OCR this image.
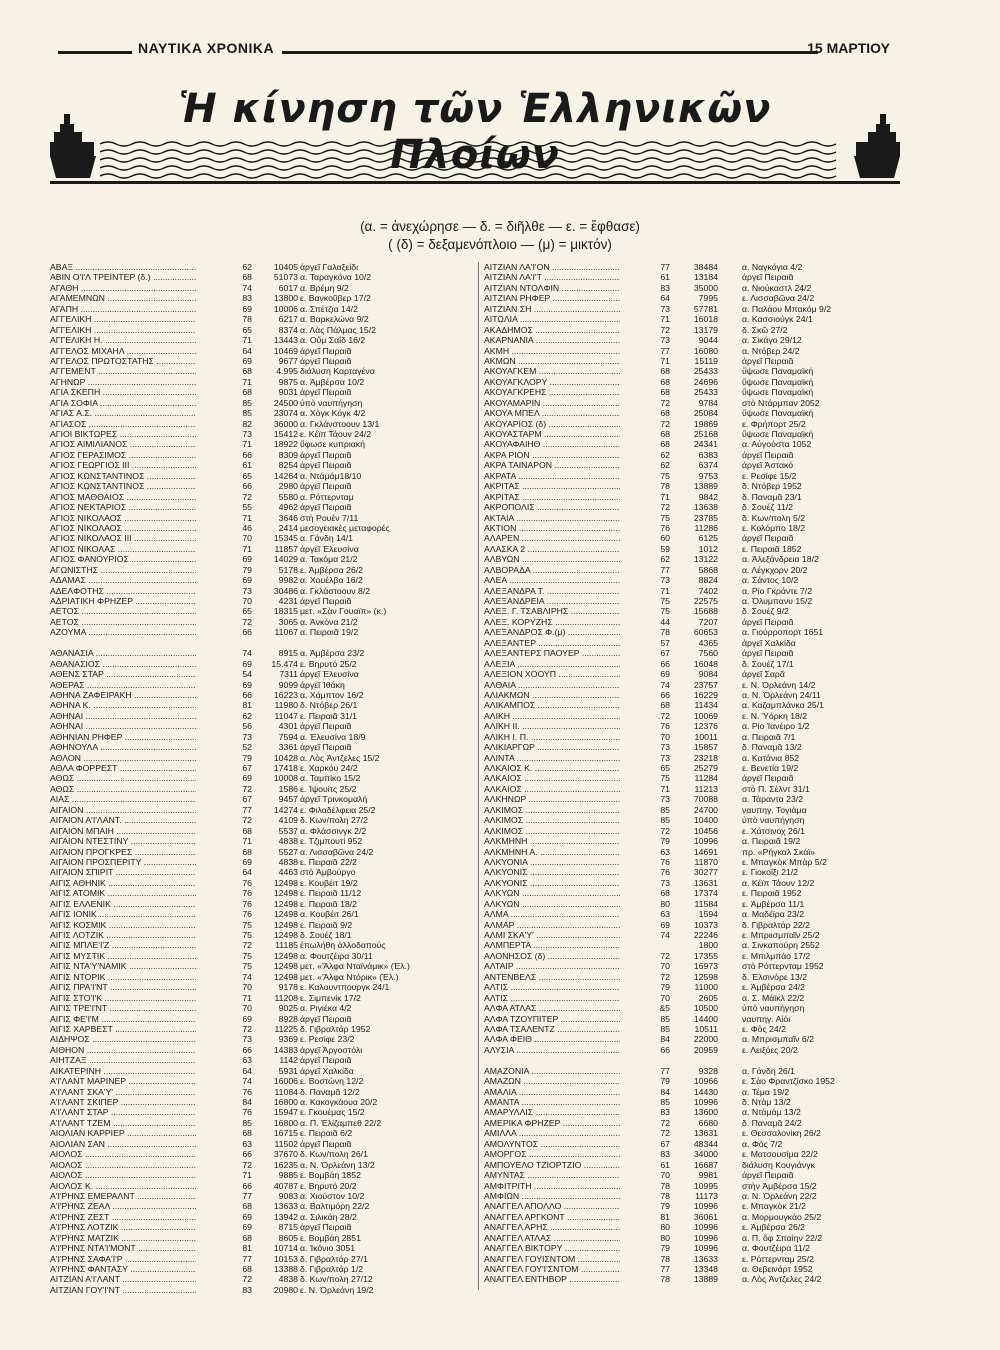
ΝΑΥΤΙΚΑ ΧΡΟΝΙΚΑ	15 ΜΑΡΤΙΟΥ
Ἡ κίνηση τῶν Ἑλληνικῶν Πλοίων
(α. = ἀνεχώρησε — δ. = διῆλθε — ε. = ἔφθασε)
( (δ) = δεξαμενόπλοιο — (μ) = μικτόν)
ΑΒΑΞ .....	62	10405 ἀργεῖ Γαλαξείδι
ΑΒΙΝ Ο'Ι'Λ ΤΡΕΙΝΤΕΡ (δ.) .....	68	51073 α. Ταραγκόνα 10/2
ΑΓΑΘΗ .....	74	6017 α. Βρέμη 9/2
ΑΓΑΜΕΜΝΩΝ .....	83	13800 ε. Βανκοῦβερ 17/2
ΑΓΑΠΗ .....	69	10006 α. Σπέτζια 14/2
ΑΓΓΕΛΙΚΗ .....	78	6217 α. Βαρκελώνα 9/2
ΑΓΓΕΛΙΚΗ .....	65	8374 α. Λὰς Πάλμας 15/2
ΑΓΓΕΛΙΚΗ Η. .....	71	13443 α. Οὔμ Σαΐδ 16/2
ΑΓΓΕΛΟΣ ΜΙΧΑΗΛ .....	64	10469 ἀργεῖ Πειραιᾶ
ΑΓΓΕΛΟΣ ΠΡΩΤΟΣΤΑΤΗΣ .....	69	9677 ἀργεῖ Πειραιᾶ
ΑΓΓΕΜΕΝΤ .....	68	4.995 διάλυση Καρταγένα
ΑΓΗΝΩΡ .....	71	9875 α. Ἀμβέρσα 10/2
ΑΓΙΑ ΣΚΕΠΗ .....	68	9031 ἀργεῖ Πειραιᾶ
ΑΓΙΑ ΣΟΦΙΑ .....	85	24500 ὑπὸ ναυπήγηση
ΑΓΙΑΣ Α.Σ. .....	85	23074 α. Χὸγκ Κόγκ 4/2
ΑΓΙΑΣΟΣ .....	82	36000 α. Γκλάνστοουν 13/1
ΑΓΙΟΙ ΒΙΚΤΩΡΕΣ .....	73	15412 ε. Κέϊπ Τάουν 24/2
ΑΓΙΟΣ ΑΙΜΙΛΙΑΝΟΣ .....	71	18922 ὕφωσε κυπριακή
ΑΓΙΟΣ ΓΕΡΑΣΙΜΟΣ .....	66	8309 ἀργεῖ Πειραιᾶ
ΑΓΙΟΣ ΓΕΩΡΓΙΟΣ III .....	61	8254 ἀργεῖ Πειραιᾶ
ΑΓΙΟΣ ΚΩΝΣΤΑΝΤΙΝΟΣ .....	65	14264 α. Ντάμάμ18/10
ΑΓΙΟΣ ΚΩΝΣΤΑΝΤΙΝΟΣ .....	66	2980 ἀργεῖ Πειραιᾶ
ΑΓΙΟΣ ΜΑΘΘΑΙΟΣ .....	72	5580 α. Ρόττερνταμ
ΑΓΙΟΣ ΝΕΚΤΑΡΙΟΣ .....	55	4962 ἀργεῖ Πειραιᾶ
ΑΓΙΟΣ ΝΙΚΟΛΑΟΣ .....	71	3646 στὴ Ρουέν 7/11
ΑΓΙΟΣ ΝΙΚΟΛΑΟΣ .....	46	2414 μεσογειακὲς μεταφορές
ΑΓΙΟΣ ΝΙΚΟΛΑΟΣ III .....	70	15345 α. Γάνδη 14/1
ΑΓΙΟΣ ΝΙΚΟΛΑΣ .....	71	11857 ἀργεῖ Ἐλευσίνα
ΑΓΙΟΣ ΦΑΝΟΥΡΙΟΣ .....	69	14029 α. Τακόμα 21/2
ΑΓΩΝΙΣΤΗΣ .....	79	5178 ε. Ἀμβέρσα 26/2
ΑΔΑΜΑΣ .....	69	9982 α. Χουέλβα 16/2
ΑΔΕΛΦΟΤΗΣ .....	73	30486 α. Γκλάστοουν 8/2
ΑΔΡΙΑΤΙΚΗ ΦΡΗΖΕΡ .....	70	4231 ἀργεῖ Πειραιᾶ
ΑΕΤΟΣ .....	65	18315 μετ. «Σὰν Γουαϊπ» (κ.)
ΑΕΤΟΣ .....	72	3065 α. Ἀνκόνα 21/2
ΑΖΟΥΜΑ .....	66	11067 α. Πειραιᾶ 19/2
ΑΘΑΝΑΣΙΑ .....	74	8915 α. Ἀμβέρσα 23/2
ΑΘΑΝΑΣΙΟΣ .....	69	15.474 ε. Βηρυτό 25/2
ΑΘΕΝΣ ΣΤΑΡ .....	54	7311 ἀργεῖ Ἐλευσίνα
ΑΘΕΡΑΣ .....	69	9099 ἀργεῖ Ἰθάκη
ΑΘΗΝΑ ΖΑΦΕΙΡΑΚΗ .....	66	16223 α. Χάμπτον 16/2
ΑΘΗΝΑ Κ. .....	81	11980 δ. Ντόβερ 26/1
ΑΘΗΝΑΙ .....	62	11047 ε. Πειραιᾶ 31/1
ΑΘΗΝΑΙ .....	56	4301 ἀργεῖ Πειραιᾶ
ΑΘΗΝΙΑΝ ΡΗΦΕΡ .....	73	7594 α. Ἐλευσίνα 18/9
ΑΘΗΝΟΥΛΑ .....	52	3361 ἀργεῖ Πειραιᾶ
ΑΘΛΟΝ .....	79	10428 α. Λὸς Ἀντζελες 15/2
ΑΘΛΑ ΦΟΡΡΕΣΤ .....	67	17418 ε. Χαρκόυ 24/2
ΑΘΩΣ .....	69	10008 α. Ταμπίκο 15/2
ΑΘΩΣ .....	72	1586 ε. Ἰψουίτς 25/2
ΑΙΑΣ .....	67	9457 ἀργεῖ Τρινκομαλή
ΑΙΓΑΙΟΝ .....	77	14274 ε. Φιλαδέλφεια 25/2
ΑΙΓΑΙΟΝ Α'Ι'ΛΑΝΤ. .....	72	4109 δ. Κων/πολη 27/2
ΑΙΓΑΙΟΝ ΜΠΑΙΗ .....	68	5537 α. Φλάσσινγκ 2/2
ΑΙΓΑΙΟΝ ΝΤΕΣΤΙΝΥ .....	71	4838 ε. Τζιμπουτί 952
ΑΙΓΑΙΟΝ ΠΡΟΓΚΡΕΣ .....	68	5527 α. Λισσαβῶνα 24/2
ΑΙΓΑΙΟΝ ΠΡΟΣΠΕΡΙΤΥ .....	69	4838 ε. Πειραιᾶ 22/2
ΑΙΓΑΙΟΝ ΣΠΙΡΙΤ .....	64	4463 στὸ Ἀμβούργο
ΑΙΓΙΣ ΑΘΗΝΙΚ .....	76	12498 ε. Κουβέιτ 19/2
ΑΙΓΙΣ ΑΤΟΜΙΚ .....	76	12498 ε. Πειραιᾶ 11/12
ΑΙΓΙΣ ΕΛΛΕΝΙΚ .....	76	12498 ε. Πειραιᾶ 18/2
ΑΙΓΙΣ ΙΟΝΙΚ .....	76	12498 α. Κουβέιτ 26/1
ΑΙΓΙΣ ΚΟΣΜΙΚ .....	75	12498 ε. Πειραιᾶ 9/2
ΑΙΓΙΣ ΛΟΤΖΙΚ .....	75	12498 δ. Σουέζ 18/1
ΑΙΓΙΣ ΜΠΛΕ'Ι'Ζ .....	72	11185 ἐπωλήθη ἀλλοδαπούς
ΑΙΓΙΣ ΜΥΣΤΙΚ .....	75	12498 α. Φουτζέιρα 30/11
ΑΙΓΙΣ ΝΤΑ'Υ'ΝΑΜΙΚ .....	75	12498 μετ. «Ἄλφα Νταϊνάμικ» (Ἐλ.)
ΑΙΓΙΣ ΝΤΟΡΙΚ .....	74	12498 μετ. «Ἄλφα Ντόρικ» (Ἐλ.)
ΑΙΓΙΣ ΠΡΑ'Ι'ΝΤ .....	70	9178 ε. Καλουντπουργκ 24/1
ΑΙΓΙΣ ΣΤΟ'Ι'Κ .....	71	11208 ε. Σιμπενίκ 17/2
ΑΙΓΙΣ ΤΡΕ'Ι'ΝΤ .....	70	9025 α. Ριγιέκα 4/2
ΑΙΓΙΣ ΦΕ'Ι'Μ .....	69	8928 ἀργεῖ Πειραιᾶ
ΑΙΓΙΣ ΧΑΡΒΕΣΤ .....	72	11225 δ. Γιβραλτάρ 1952
ΑΙΔΗΨΟΣ .....	73	9369 ε. Ρεσίφε 23/2
ΑΙΘΗΟΝ .....	66	14383 ἀργεῖ Ἀργοστόλι
ΑΙΗΤΖΑΞ .....	63	1142 ἀργεῖ Πειραιᾶ
ΑΙΚΑΤΕΡΙΝΗ .....	64	5931 ἀργεῖ Χαλκίδα
Α'Ι'ΛΑΝΤ ΜΑΡΙΝΕΡ .....	74	16006 ε. Βοστώνη 12/2
Α'Ι'ΛΑΝΤ ΣΚΑ'Υ' .....	76	11084 δ. Παναμᾶ 12/2
Α'Ι'ΛΑΝΤ ΣΚΙΠΕΡ .....	84	16800 α. Κακογκάουα 20/2
Α'Ι'ΛΑΝΤ ΣΤΑΡ .....	76	15947 ε. Γκουέμας 15/2
Α'Ι'ΛΑΝΤ ΤΖΕΜ .....	85	16800 α. Π. Ἐλίζαμπεθ 22/2
ΑΙΟΛΙΑΝ ΚΑΡΡΙΕΡ .....	68	16715 ε. Πειραιᾶ 6/2
ΑΙΟΛΙΑΝ ΣΑΝ .....	63	11502 ἀργεῖ Πειραιᾶ
ΑΙΟΛΟΣ .....	66	37670 δ. Κων/πολη 26/1
ΑΙΟΛΟΣ .....	72	16235 α. Ν. Ὀρλεάνη 13/2
ΑΙΟΛΟΣ .....	71	9885 ε. Βομβάη 1852
ΑΙΟΛΟΣ Κ. .....	66	40787 ε. Βηρυτό 20/2
Α'Ι'ΡΗΝΣ ΕΜΕΡΑΛΝΤ .....	77	9083 α. Χιούστον 10/2
Α'Ι'ΡΗΝΣ ΖΕΑΛ .....	68	13633 α. Βαλτιμόρη 22/2
Α'Ι'ΡΗΝΣ ΖΕΣΤ .....	69	13942 α. Σιλικάη 28/2
Α'Ι'ΡΗΝΣ ΛΟΤΖΙΚ .....	69	8715 ἀργεῖ Πειραιᾶ
Α'Ι'ΡΗΝΣ ΜΑΤΖΙΚ .....	68	8605 ε. Βομβάη 2851
Α'Ι'ΡΗΝΣ ΝΤΑ'Ι'ΜΟΝΤ .....	81	10714 α. Ἰκόνιο 3051
Α'Ι'ΡΗΝΣ ΣΑΦΑ'Ι'Ρ .....	77	10153 δ. Γιβραλτάρ 27/1
Α'Ι'ΡΗΝΣ ΦΑΝΤΑΣΥ .....	68	13388 δ. Γιβραλτάρ 1/2
ΑΙΤΖΙΑΝ Α'Ι'ΛΑΝΤ .....	72	4838 δ. Κων/πολη 27/12
ΑΙΤΖΙΑΝ ΓΟΥ'Ι'ΝΤ .....	83	20980 ε. Ν. Ὀρλεάνη 19/2
ΑΙΤΖΙΑΝ ΛΑ'Ι'ΟΝ .....	77	38484	α. Ναγκόγια 4/2
ΑΙΤΖΙΑΝ ΛΑ'Ι'Τ .....	61	13184	ἀργεῖ Πειραιᾶ
ΑΙΤΖΙΑΝ ΝΤΟΛΦΙΝ .....	83	35000	α. Νιούκαστλ 24/2
ΑΙΤΖΙΑΝ ΡΗΦΕΡ .....	64	7995	ε. Λισσαβῶνα 24/2
ΑΙΤΖΙΑΝ ΣΗ .....	73	57781	α. Παλάου Μπακόμ 9/2
ΑΙΤΩΛΙΑ .....	71	16018	α. Κασσιούγκ 24/1
ΑΚΑΔΗΜΟΣ .....	72	13179	δ. Σκῶ 27/2
ΑΚΑΡΝΑΝΙΑ .....	73	9044	α. Σικάγο 29/12
ΑΚΜΗ .....	77	16080	α. Ντόβερ 24/2
ΑΚΜΩΝ .....	71	15119	ἀργεῖ Πειραιᾶ
ΑΚΟΥΑΓΚΕΜ .....	68	25433	ὕψωσε Παναμαϊκή
ΑΚΟΥΑΓΚΛΟΡΥ .....	68	24696	ὕψωσε Παναμαϊκή
ΑΚΟΥΑΓΚΡΕΗΣ .....	68	25433	ὕψωσε Παναμαϊκή
ΑΚΟΥΑΜΑΡΙΝ .....	72	9784	στὸ Ντάρμπαν 2052
ΑΚΟΥΑ ΜΠΕΛ .....	68	25084	ὕψωσε Παναμαϊκή
ΑΚΟΥΑΡΙΟΣ (δ) .....	72	19869	ε. Φρήπορτ 25/2
ΑΚΟΥΑΣΤΑΡΜ .....	68	25168	ὕψωσε Παναμαϊκή
ΑΚΟΥΑΦΑΙΗΘ .....	68	24341	α. Αὐγούστα 1052
ΑΚΡΑ ΡΙΟΝ .....	62	6383	ἀργεῖ Πειραιᾶ
ΑΚΡΑ ΤΑΙΝΑΡΟΝ .....	62	6374	ἀργεῖ Ἀστακό
ΑΚΡΑΤΑ .....	75	9753	ε. Ρεσίφε 15/2
ΑΚΡΙΤΑΣ .....	78	13889	δ. Ντόβερ 1952
ΑΚΡΙΤΑΣ .....	71	9842	δ. Παναμᾶ 23/1
ΑΚΡΟΠΟΛΙΣ .....	72	13638	δ. Σουέζ 11/2
ΑΚΤΑΙΑ .....	75	23785	δ. Κων/πολη 5/2
ΑΚΤΙΟΝ .....	76	11286	ε. Κολόμπο 18/2
ΑΛΑΡΕΝ .....	60	6125	ἀργεῖ Πειραιᾶ
ΑΛΑΣΚΑ 2 .....	59	1012	ε. Πειραιᾶ 1852
ΑΛΒΥΩΝ .....	62	13122	α. Ἀλεξάνδρεια 18/2
ΑΛΒΟΡΑΔΑ .....	77	5868	α. Λέγκχορν 20/2
ΑΛΕΑ .....	73	8824	α. Σάντος 10/2
ΑΛΕΞΑΝΔΡΑ Τ. .....	71	7402	α. Ρίο Γκράντε 7/2
ΑΛΕΞΑΝΔΡΕΙΑ .....	75	22575	α. Ὀλυμπανυ 15/2
ΑΛΕΞ. Γ. ΤΣΑΒΛΙΡΗΣ .....	75	15688	δ. Σουέζ 9/2
ΑΛΕΞ. ΚΟΡΥΖΗΣ .....	44	7207	ἀργεῖ Πειραιᾶ
ΑΛΕΞΑΝΔΡΟΣ Φ.(μ) .....	78	60653	α. Γιούρροπορτ 1651
ΑΛΕΞΑΝΤΕΡ .....	57	4365	ἀργεῖ Χαλκίδα
ΑΛΕΞΑΝΤΕΡΣ ΠΑΟΥΕΡ .....	67	7560	ἀργεῖ Πειραιᾶ
ΑΛΕΞΙΑ .....	66	16048	δ. Σουέζ 17/1
ΑΛΕΞΙΟΝ ΧΟΟΥΠ .....	69	9084	ἀργεῖ Σαρᾶ
ΑΛΘΑΙΑ .....	74	23757	ε. Ν. Ὀρλεάνη 14/2
ΑΛΙΑΚΜΩΝ .....	66	16229	α. Ν. Ὀρλεάνη 24/11
ΑΛΙΚΑΜΠΟΣ .....	68	11434	α. Καζαμπλάνκα 25/1
ΑΛΙΚΗ .....	.72	10069	ε. Ν. Ὑόρκη 18/2
ΑΛΙΚΗ II. .....	76	12376	α. Ρίο Ἰανέιρο 1/2
ΑΛΙΚΗ Ι. Π. .....	70	10011	α. Πειραιᾶ 7/1
ΑΛΙΚΙΑΡΓΩΡ .....	73	15857	δ. Παναμᾶ 13/2
ΑΛΙΝΤΑ .....	73	23218	α. Κατάνια 852
ΑΛΚΑΙΟΣ Κ. .....	65	25279	ε. Βενετία 19/2
ΑΛΚΑΙΟΣ .....	75	11284	ἀργεῖ Πειραιᾶ
ΑΛΚΑΙΟΣ .....	71	11213	στὸ Π. Σέλντ 31/1
ΑΛΚΗΝΩΡ .....	73	70088	α. Τάραντα 23/2
ΑΛΚΙΜΟΣ .....	85	24700	ναυπηγ. Τογιάμα
ΑΛΚΙΜΟΣ .....	85	10400	ὑπὸ ναυπήγηση
ΑΛΚΙΜΟΣ .....	72	10456	ε. Χάτσινοχ 26/1
ΑΛΚΜΗΝΗ .....	79	10996	α. Πειραιᾶ 19/2
ΑΛΚΜΗΝΗ Α. .....	63	14691	πρ. «Ρήγκαλ Σκάϊ»
ΑΛΚΥΟΝΙΑ .....	76	11870	ε. Μπαγκὸκ Μπὰρ 5/2
ΑΛΚΥΟΝΙΣ .....	76	30277	ε. Γιοκοΐξι 21/2
ΑΛΚΥΟΝΙΣ .....	73	13631	α. Κέϊπ Τάουν 12/2
ΑΛΚΥΩΝ .....	68	17374	ε. Πειραιᾶ 1952
ΑΛΚΥΩΝ .....	80	11584	ε. Ἀμβέρσα 11/1
ΑΛΜΑ .....	63	1594	α. Μαδέϊρα 23/2
ΑΛΜΑΡ .....	69	10373	δ. Γιβραλτάρ 22/2
ΑΛΜΙ ΣΚΑ'Υ' .....	74	22246	ε. Μπριισμπαῖν 25/2
ΑΛΜΠΕΡΤΑ .....	1800	α. Σινκαπούρη 2552
ΑΛΟΝΗΣΟΣ (δ) .....	72	17355	ε. Μπιλμπάο 17/2
ΑΛΤΑΙΡ .....	70	16973	στὸ Ρόττερνταμ 1952
ΑΝΤΕΝΒΕΛΣ .....	72	12598	δ. Ἐλσινόρε 13/2
ΑΛΤΙΣ .....	79	11000	ε. Ἀμβέρσα 24/2
ΑΛΤΙΣ .....	70	2605	α. Σ. Μάϊκλ 22/2
ΑΛΦΑ ΑΤΛΑΣ .....	&5	10500	ὑπὸ ναυπήγηση
ΑΛΦΑ ΤΖΟΥΠΙΤΕΡ .....	85	14400	ναυπηγ. Αἰόι
ΑΛΦΑ ΤΣΑΛΕΝΤΖ .....	85	10511	ε. Φὸς 24/2
ΑΛΦΑ ΦΕΙΘ .....	84	22000	α. Μπρισμπαῖν 6/2
ΑΛΥΣΙΑ .....	66	20959	ε. Λειξόες 20/2
ΑΜΑΖΟΝΙΑ .....	77	9328	α. Γάνδη 26/1
ΑΜΑΖΩΝ .....	79	10966	ε. Σὰο Φραντζίσκο 1952
ΑΜΑΛΙΑ .....	84	14430	α. Τέμα 19/2
ΑΜΑΝΤΑ .....	85	10996	δ. Ντὰμ 13/2
ΑΜΑΡΥΛΛΙΣ .....	83	13600	α. Ντάμάμ 13/2
ΑΜΕΡΙΚΑ ΦΡΗΖΕΡ .....	72	6680	δ. Παναμᾶ 24/2
ΑΜΙΛΛΑ .....	72	13631	ε. Θεσσαλονίκη 26/2
ΑΜΟΛΥΝΤΟΣ .....	67	48344	α. Φὸς 7/2
ΑΜΟΡΓΟΣ .....	83	34000	ε. Ματσουσίμα 22/2
ΑΜΠΟΥΕΛΟ ΤΖΙΟΡΤΖΙΟ .....	61	16687	διάλυση Κουγιάνγκ
ΑΜΥΝΤΑΣ .....	70	9981	ἀργεῖ Πειραιᾶ
ΑΜΦΙΤΡΙΤΗ .....	78	10995	στὴν Ἀμβέρσα 15/2
ΑΜΦΙΩΝ .....	78	11173	α. Ν. Ὀρλεάνη 22/2
ΑΝΑΓΓΕΛ ΑΠΟΛΛΟ .....	79	10996	ε. Μπαγκὸκ 21/2
ΑΝΑΓΓΕΛ ΑΡΓΚΟΝΤ .....	81	36061	α. Μορμουγκάο 25/2
ΑΝΑΓΓΕΛ ΑΡΗΣ .....	80	10996	ε. Ἀμβέρσα 26/2
ΑΝΑΓΓΕΛ ΑΤΛΑΣ .....	80	10996	α. Π. ὄφ Σπαίην 22/2
ΑΝΑΓΓΕΛ ΒΙΚΤΟΡΥ .....	79	10996	α. Φουτζέιρα 11/2
ΑΝΑΓΓΕΛ ΓΟΥΙΣΝΤΟΜ .....	78	13633	ε. Ρόττερνταμ 25/2
ΑΝΑΓΓΕΛ ΓΟΥ'Ι'ΣΝΤΟΜ .....	77	13348	α. Θεβεινάρτ 1952
ΑΝΑΓΓΕΛ ΕΝΤΗΒΟΡ .....	78	13889	α. Λὸς Ἀντζελες 24/2
